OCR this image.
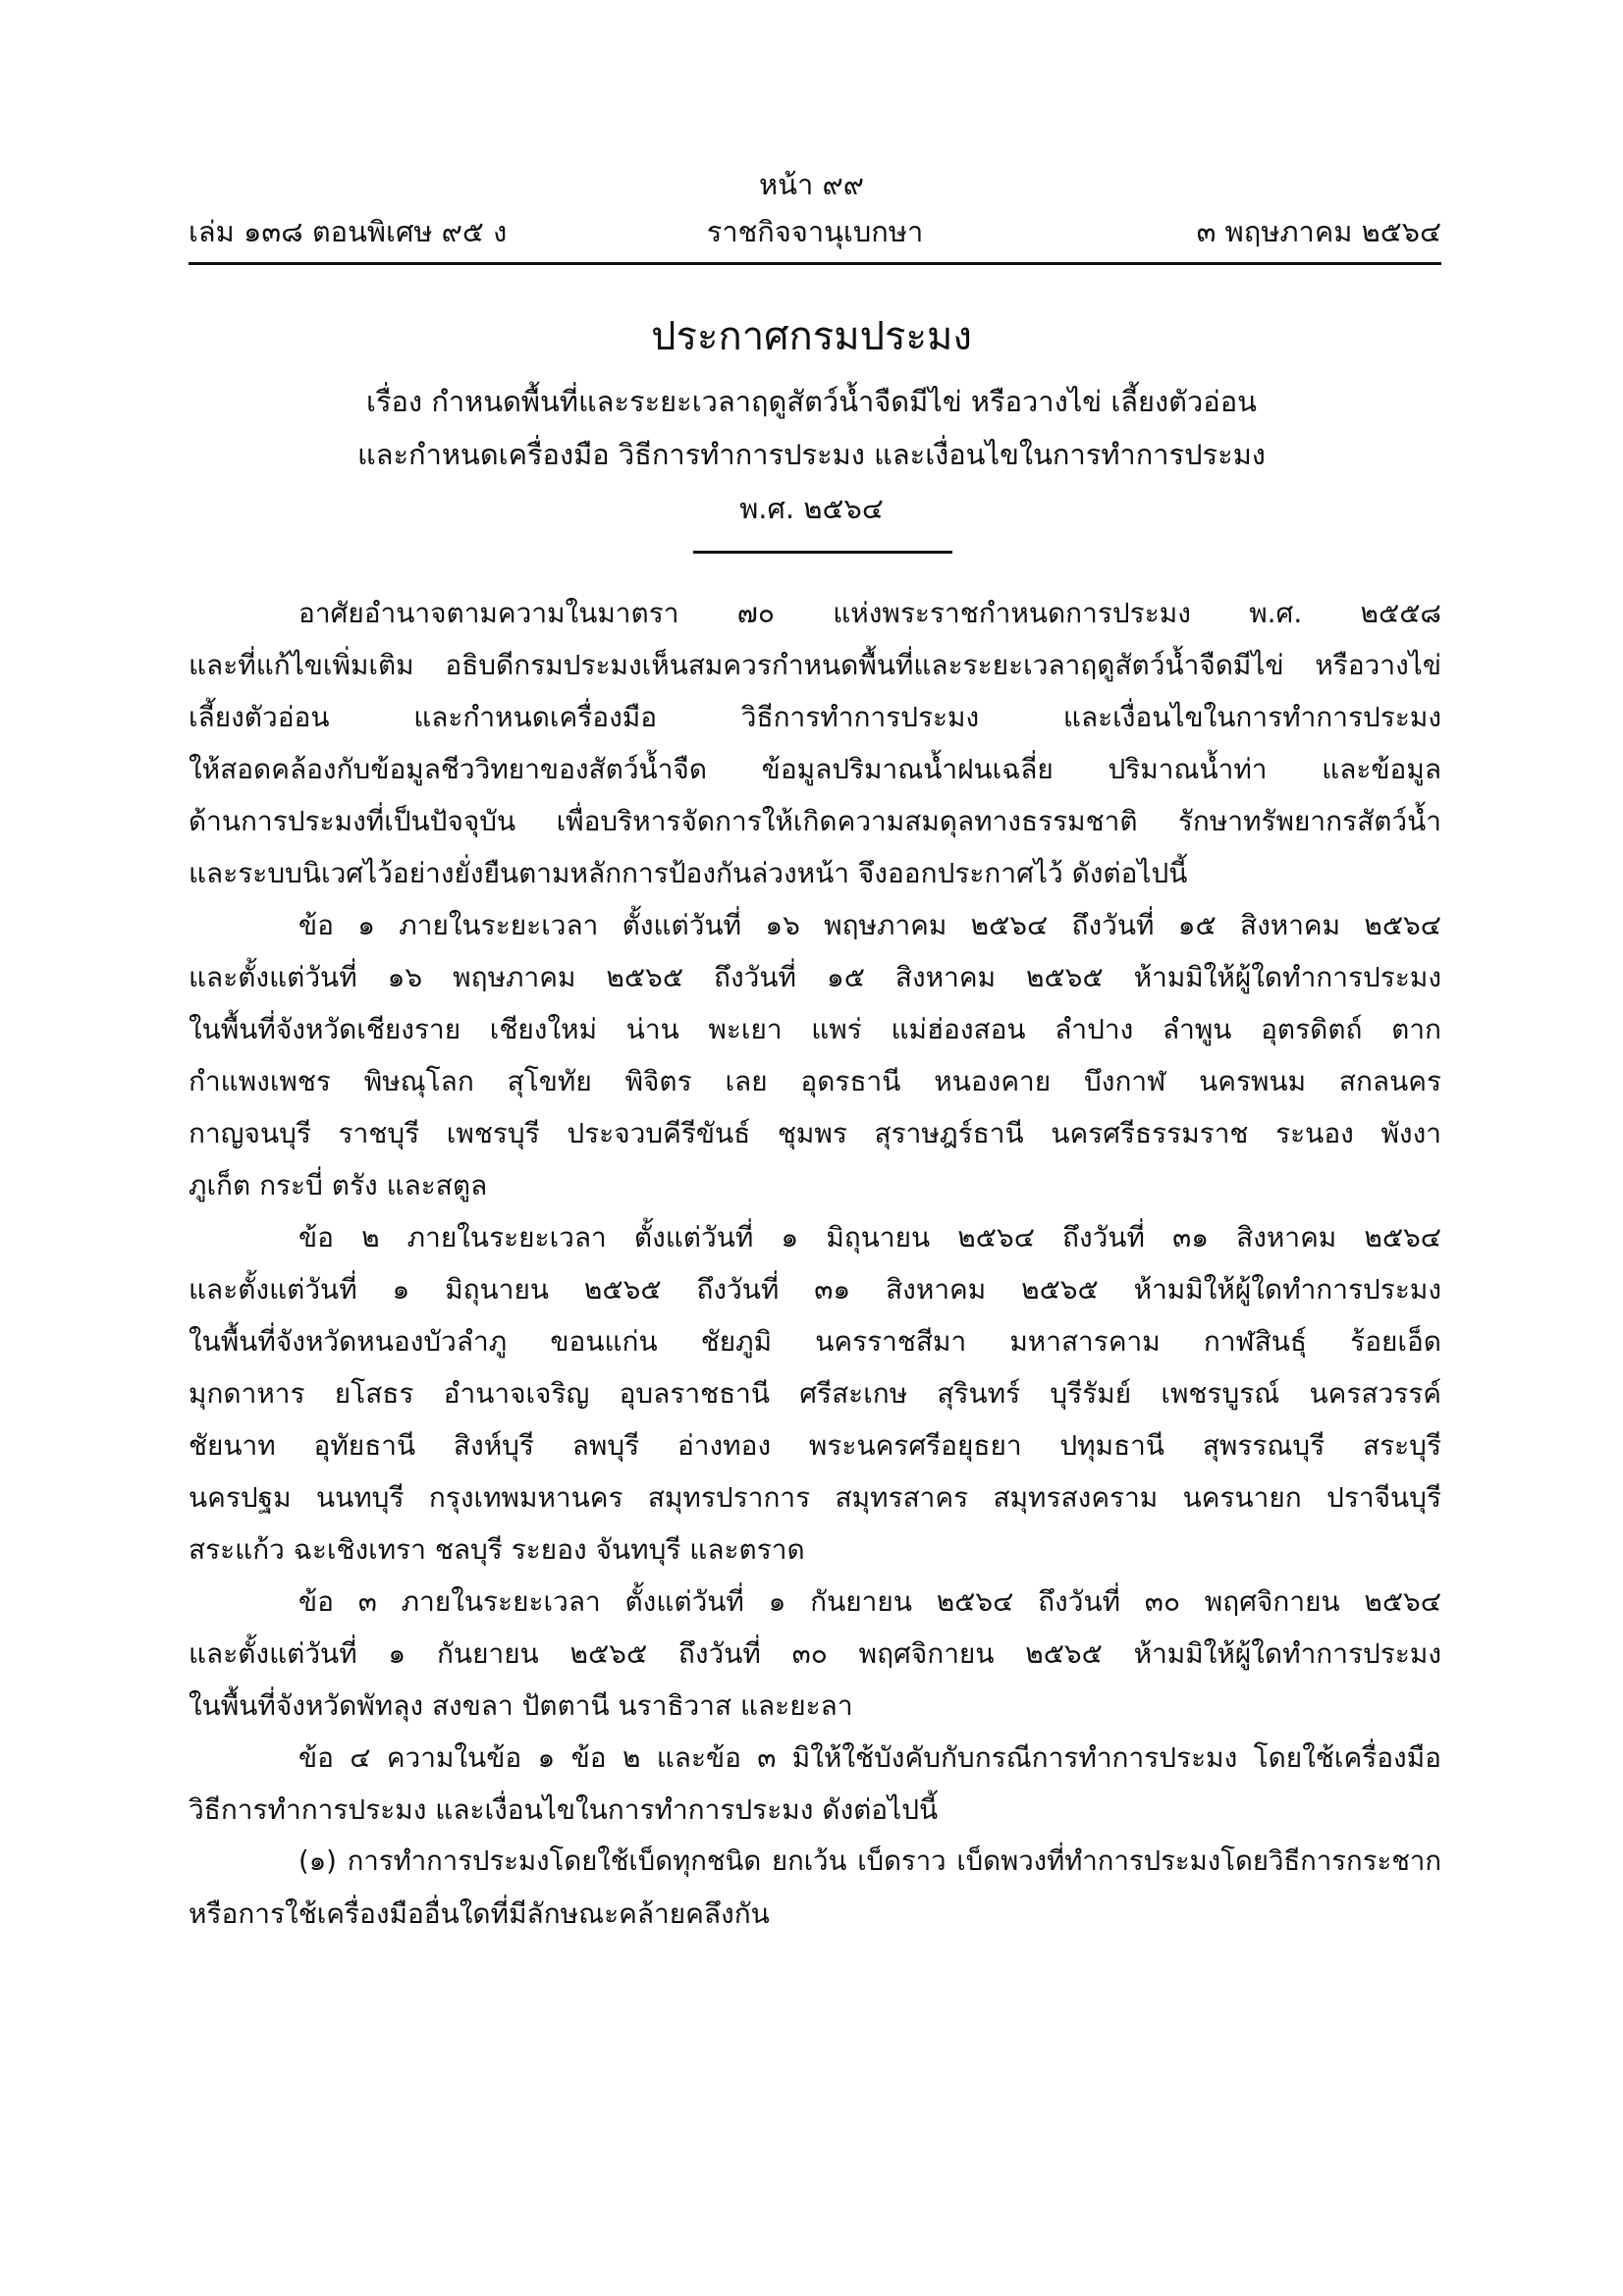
หน้า ๙๙
เล่ม ๑๓๘ ตอนพิเศษ ๙๕ ง	ราชกิจจานุเบกษา	๓ พฤษภาคม ๒๕๖๔
ประกาศกรมประมง
เรื่อง กำหนดพื้นที่และระยะเวลาฤดูสัตว์น้ำจืดมีไข่ หรือวางไข่ เลี้ยงตัวอ่อน
และกำหนดเครื่องมือ วิธีการทำการประมง และเงื่อนไขในการทำการประมง
พ.ศ. ๒๕๖๔
อาศัยอำนาจตามความในมาตรา ๗๐ แห่งพระราชกำหนดการประมง พ.ศ. ๒๕๕๘
และที่แก้ไขเพิ่มเติม อธิบดีกรมประมงเห็นสมควรกำหนดพื้นที่และระยะเวลาฤดูสัตว์น้ำจืดมีไข่ หรือวางไข่
เลี้ยงตัวอ่อน และกำหนดเครื่องมือ วิธีการทำการประมง และเงื่อนไขในการทำการประมง
ให้สอดคล้องกับข้อมูลชีววิทยาของสัตว์น้ำจืด ข้อมูลปริมาณน้ำฝนเฉลี่ย ปริมาณน้ำท่า และข้อมูล
ด้านการประมงที่เป็นปัจจุบัน เพื่อบริหารจัดการให้เกิดความสมดุลทางธรรมชาติ รักษาทรัพยากรสัตว์น้ำ
และระบบนิเวศไว้อย่างยั่งยืนตามหลักการป้องกันล่วงหน้า จึงออกประกาศไว้ ดังต่อไปนี้
ข้อ ๑ ภายในระยะเวลา ตั้งแต่วันที่ ๑๖ พฤษภาคม ๒๕๖๔ ถึงวันที่ ๑๕ สิงหาคม ๒๕๖๔
และตั้งแต่วันที่ ๑๖ พฤษภาคม ๒๕๖๕ ถึงวันที่ ๑๕ สิงหาคม ๒๕๖๕ ห้ามมิให้ผู้ใดทำการประมง
ในพื้นที่จังหวัดเชียงราย เชียงใหม่ น่าน พะเยา แพร่ แม่ฮ่องสอน ลำปาง ลำพูน อุตรดิตถ์ ตาก
กำแพงเพชร พิษณุโลก สุโขทัย พิจิตร เลย อุดรธานี หนองคาย บึงกาฬ นครพนม สกลนคร
กาญจนบุรี ราชบุรี เพชรบุรี ประจวบคีรีขันธ์ ชุมพร สุราษฎร์ธานี นครศรีธรรมราช ระนอง พังงา
ภูเก็ต กระบี่ ตรัง และสตูล
ข้อ ๒ ภายในระยะเวลา ตั้งแต่วันที่ ๑ มิถุนายน ๒๕๖๔ ถึงวันที่ ๓๑ สิงหาคม ๒๕๖๔
และตั้งแต่วันที่ ๑ มิถุนายน ๒๕๖๕ ถึงวันที่ ๓๑ สิงหาคม ๒๕๖๕ ห้ามมิให้ผู้ใดทำการประมง
ในพื้นที่จังหวัดหนองบัวลำภู ขอนแก่น ชัยภูมิ นครราชสีมา มหาสารคาม กาฬสินธุ์ ร้อยเอ็ด
มุกดาหาร ยโสธร อำนาจเจริญ อุบลราชธานี ศรีสะเกษ สุรินทร์ บุรีรัมย์ เพชรบูรณ์ นครสวรรค์
ชัยนาท อุทัยธานี สิงห์บุรี ลพบุรี อ่างทอง พระนครศรีอยุธยา ปทุมธานี สุพรรณบุรี สระบุรี
นครปฐม นนทบุรี กรุงเทพมหานคร สมุทรปราการ สมุทรสาคร สมุทรสงคราม นครนายก ปราจีนบุรี
สระแก้ว ฉะเชิงเทรา ชลบุรี ระยอง จันทบุรี และตราด
ข้อ ๓ ภายในระยะเวลา ตั้งแต่วันที่ ๑ กันยายน ๒๕๖๔ ถึงวันที่ ๓๐ พฤศจิกายน ๒๕๖๔
และตั้งแต่วันที่ ๑ กันยายน ๒๕๖๕ ถึงวันที่ ๓๐ พฤศจิกายน ๒๕๖๕ ห้ามมิให้ผู้ใดทำการประมง
ในพื้นที่จังหวัดพัทลุง สงขลา ปัตตานี นราธิวาส และยะลา
ข้อ ๔ ความในข้อ ๑ ข้อ ๒ และข้อ ๓ มิให้ใช้บังคับกับกรณีการทำการประมง โดยใช้เครื่องมือ
วิธีการทำการประมง และเงื่อนไขในการทำการประมง ดังต่อไปนี้
(๑) การทำการประมงโดยใช้เบ็ดทุกชนิด ยกเว้น เบ็ดราว เบ็ดพวงที่ทำการประมงโดยวิธีการกระชาก
หรือการใช้เครื่องมืออื่นใดที่มีลักษณะคล้ายคลึงกัน
